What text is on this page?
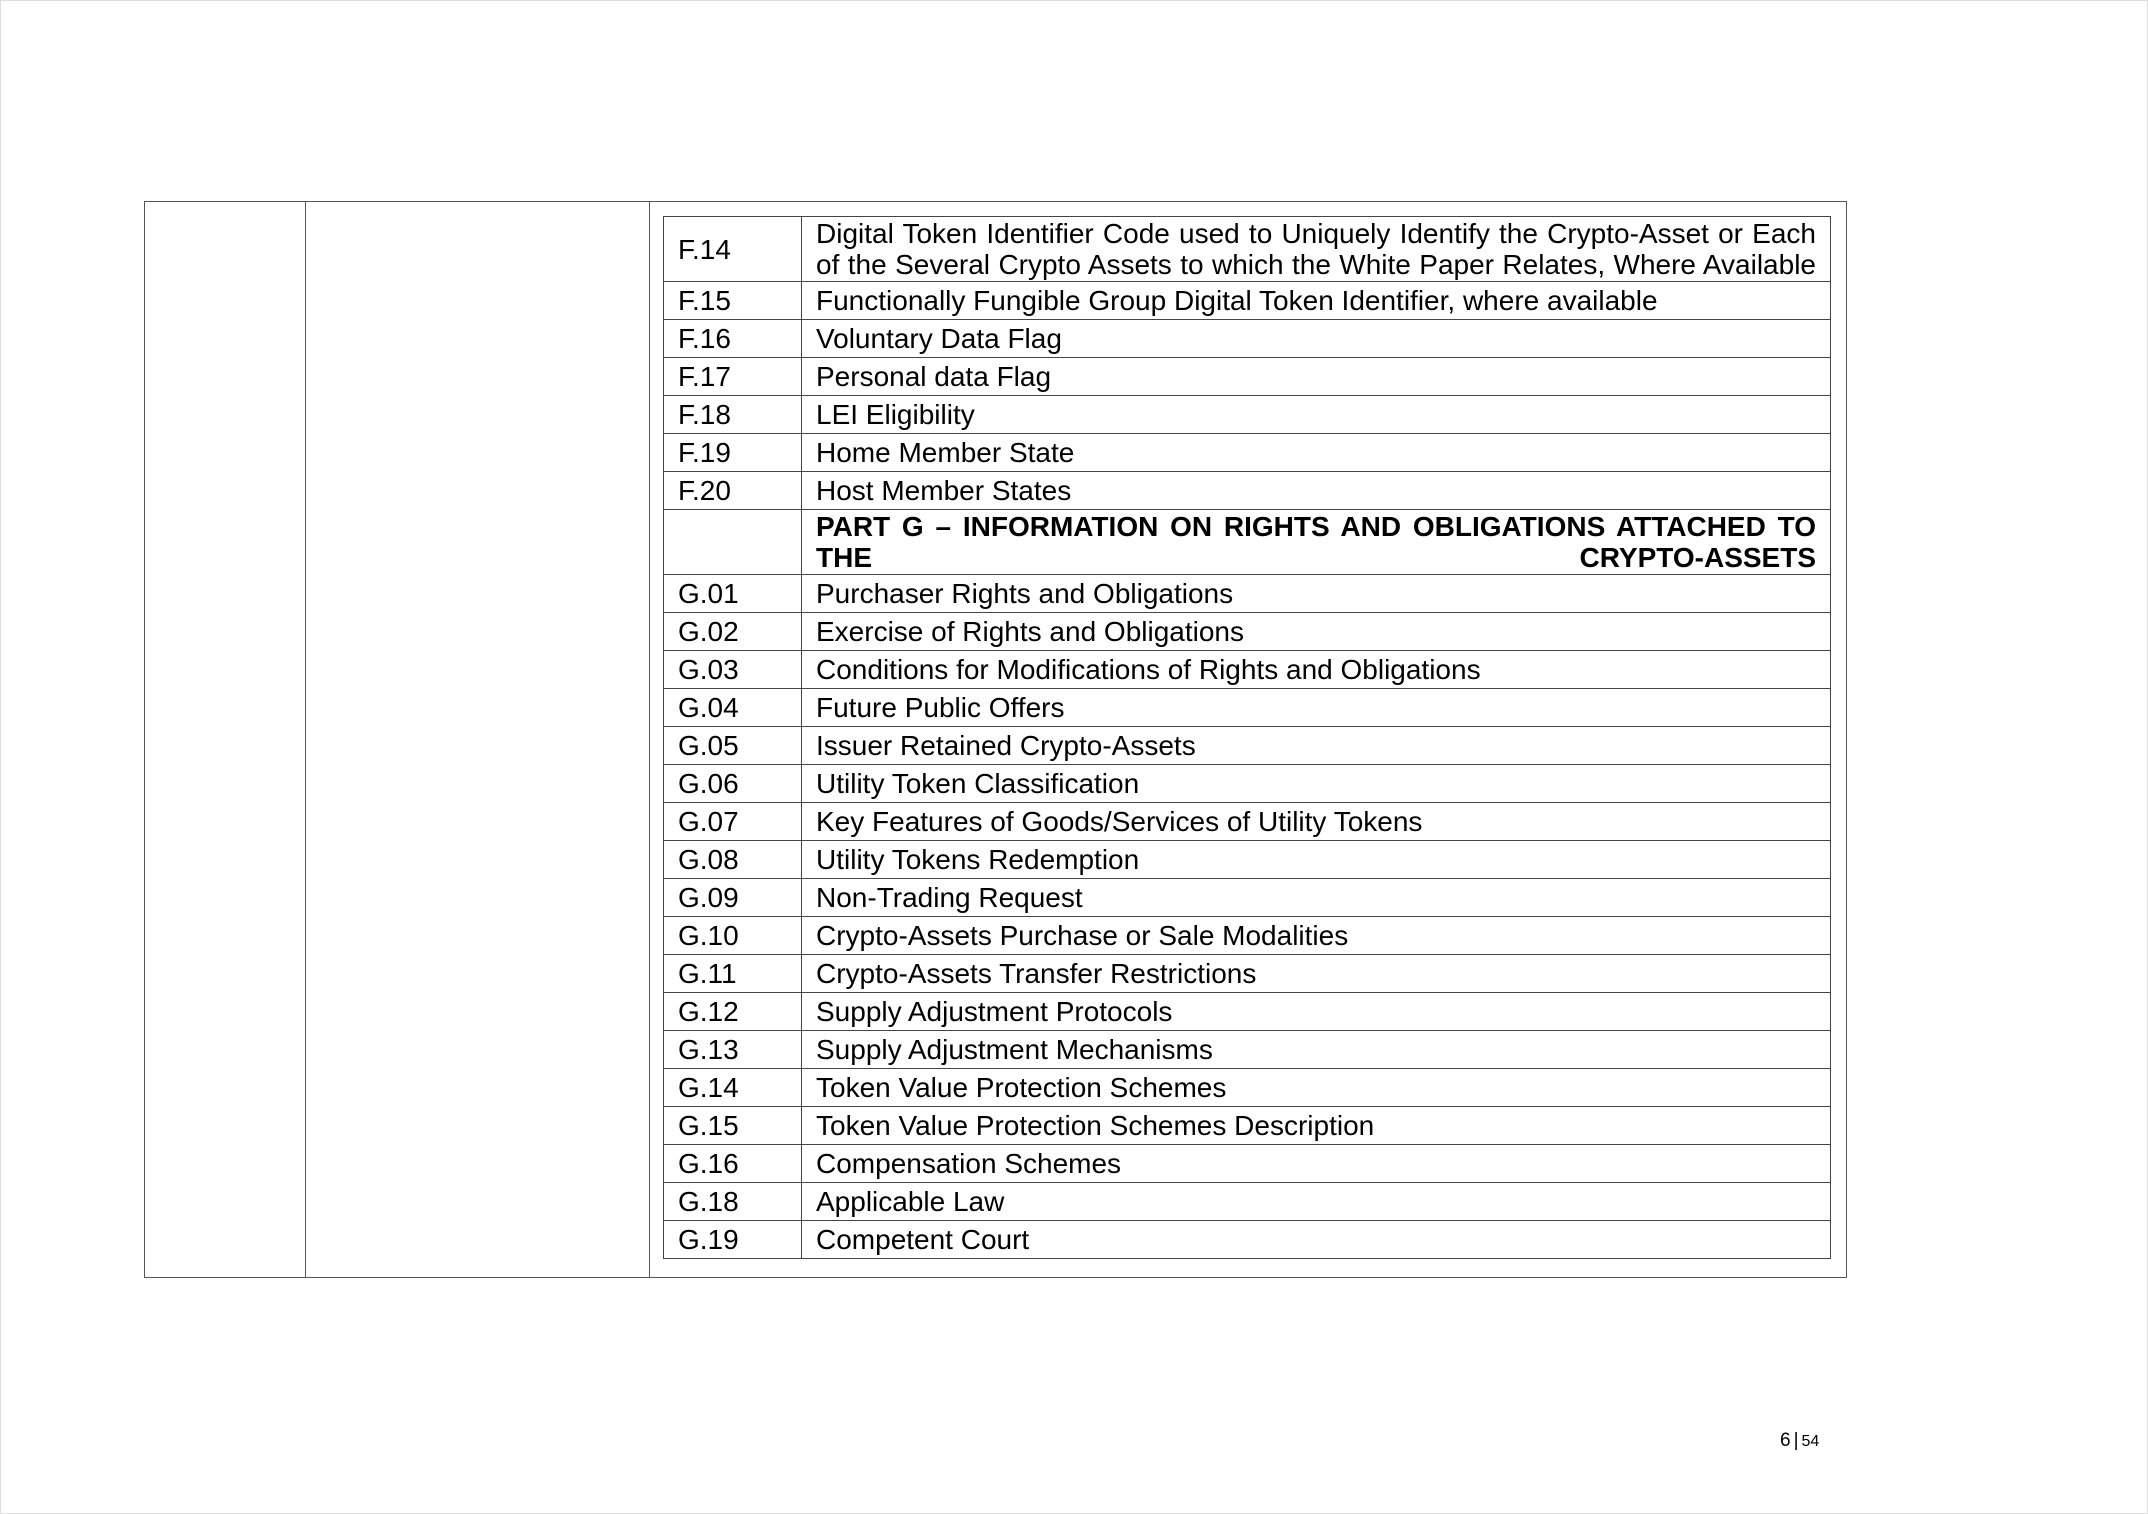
F.14	Digital Token Identifier Code used to Uniquely Identify the Crypto-Asset or Each of the Several Crypto Assets to which the White Paper Relates, Where Available
F.15	Functionally Fungible Group Digital Token Identifier, where available
F.16	Voluntary Data Flag
F.17	Personal data Flag
F.18	LEI Eligibility
F.19	Home Member State
F.20	Host Member States
	PART G – INFORMATION ON RIGHTS AND OBLIGATIONS ATTACHED TO THE CRYPTO-ASSETS
G.01	Purchaser Rights and Obligations
G.02	Exercise of Rights and Obligations
G.03	Conditions for Modifications of Rights and Obligations
G.04	Future Public Offers
G.05	Issuer Retained Crypto-Assets
G.06	Utility Token Classification
G.07	Key Features of Goods/Services of Utility Tokens
G.08	Utility Tokens Redemption
G.09	Non-Trading Request
G.10	Crypto-Assets Purchase or Sale Modalities
G.11	Crypto-Assets Transfer Restrictions
G.12	Supply Adjustment Protocols
G.13	Supply Adjustment Mechanisms
G.14	Token Value Protection Schemes
G.15	Token Value Protection Schemes Description
G.16	Compensation Schemes
G.18	Applicable Law
G.19	Competent Court
6 | 54
